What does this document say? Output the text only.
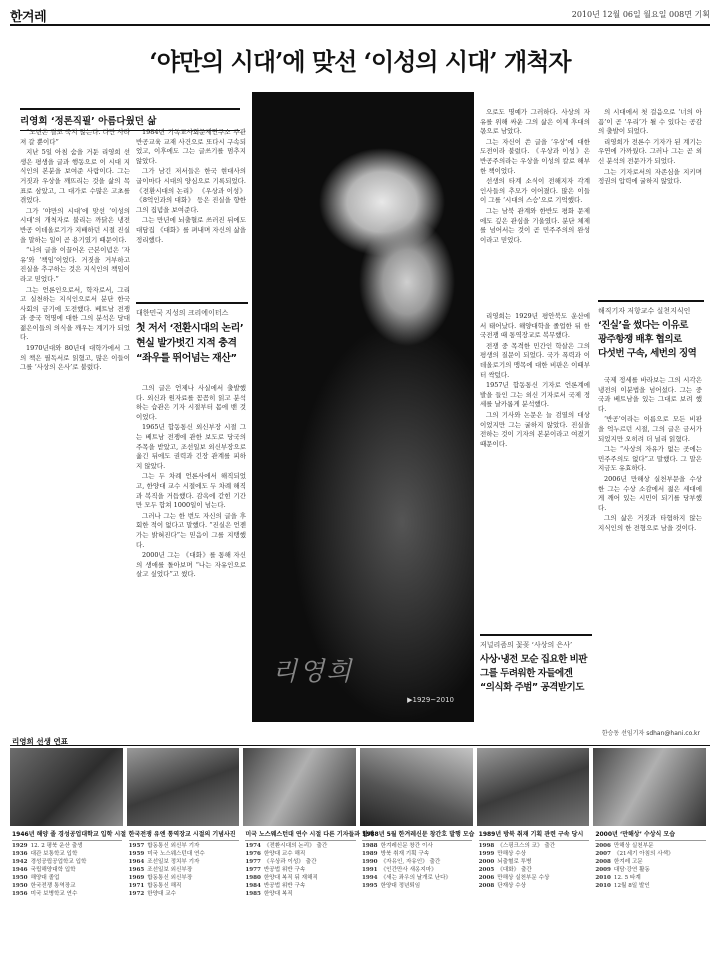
한겨레	2010년 12월 06일 월요일 008면 기획
‘야만의 시대’에 맞선 ‘이성의 시대’ 개척자
리영희 ‘정론직필’ 아름다웠던 삶

“노년은 결코 죽지 않는다. 다만 사라져 갈 뿐이다”

지난 5일 아침 숨을 거둔 리영희 선생은 평생을 글과 행동으로 이 시대 지식인의 본분을 보여준 사람이다. 그는 거짓과 우상을 깨뜨리는 것을 삶의 목표로 삼았고, 그 대가로 수많은 고초를 겪었다.

그가 ‘야만의 시대’에 맞선 ‘이성의 시대’의 개척자로 불리는 까닭은 냉전 반공 이데올로기가 지배하던 시절 진실을 말하는 일이 곧 용기였기 때문이다.

“나의 글을 이끌어온 근본이념은 ‘자유’와 ‘책임’이었다. 거짓을 거부하고 진실을 추구하는 것은 지식인의 책임이라고 믿었다.”

그는 언론인으로서, 학자로서, 그리고 실천하는 지식인으로서 분단 한국 사회의 금기에 도전했다. 베트남 전쟁과 중국 혁명에 대한 그의 분석은 당대 젊은이들의 의식을 깨우는 계기가 되었다.

1970년대와 80년대 대학가에서 그의 책은 필독서로 읽혔고, 많은 이들이 그를 ‘사상의 은사’로 불렀다.

1984년 기독교사회문제연구소 주관 반공교육 교재 사건으로 또다시 구속되었고, 이후에도 그는 글쓰기를 멈추지 않았다.

그가 남긴 저서들은 한국 현대사의 굽이마다 시대의 양심으로 기록되었다. 《전환시대의 논리》 《우상과 이성》 《8억인과의 대화》 등은 진실을 향한 그의 집념을 보여준다.

그는 만년에 뇌출혈로 쓰러진 뒤에도 대담집 《대화》를 펴내며 자신의 삶을 정리했다.

대한민국 지성의 크리에이터스
첫 저서 ‘전환시대의 논리’
현실 발가벗긴 지적 충격
“좌우를 뛰어넘는 재산”

그의 글은 언제나 사실에서 출발했다. 외신과 원자료를 꼼꼼히 읽고 분석하는 습관은 기자 시절부터 몸에 밴 것이었다.

1965년 합동통신 외신부장 시절 그는 베트남 전쟁에 관한 보도로 당국의 주목을 받았고, 조선일보 외신부장으로 옮긴 뒤에도 권력과 긴장 관계를 피하지 않았다.

그는 두 차례 언론사에서 해직되었고, 한양대 교수 시절에도 두 차례 해직과 복직을 거듭했다. 감옥에 갇힌 기간만 모두 합쳐 1000일이 넘는다.

그러나 그는 한 번도 자신의 글을 후회한 적이 없다고 말했다. “진실은 언젠가는 밝혀진다”는 믿음이 그를 지탱했다.

2000년 그는 《대화》를 통해 자신의 생애를 돌아보며 “나는 자유인으로 살고 싶었다”고 썼다.

리영희
▶1929~2010

으로도 명예가 그러하다. 사상의 자유를 위해 싸운 그의 삶은 이제 후대의 몫으로 남았다.

그는 자신이 쓴 글을 ‘우상’에 대한 도전이라 불렀다. 《우상과 이성》은 반공주의라는 우상을 이성의 칼로 해부한 책이었다.

선생의 타계 소식이 전해지자 각계 인사들의 추모가 이어졌다. 많은 이들이 그를 ‘시대의 스승’으로 기억했다.

그는 남북 관계와 한반도 평화 문제에도 깊은 관심을 기울였다. 분단 체제를 넘어서는 것이 곧 민주주의의 완성이라고 믿었다.

리영희는 1929년 평안북도 운산에서 태어났다. 해양대학을 졸업한 뒤 한국전쟁 때 통역장교로 복무했다.

전쟁 중 목격한 민간인 학살은 그의 평생의 질문이 되었다. 국가 폭력과 이데올로기의 맹목에 대한 비판은 이때부터 싹텄다.

1957년 합동통신 기자로 언론계에 발을 들인 그는 외신 기자로서 국제 정세를 날카롭게 분석했다.

그의 기사와 논문은 늘 검열의 대상이었지만 그는 굴하지 않았다. 진실을 전하는 것이 기자의 본분이라고 여겼기 때문이다.

저널리즘의 꽃꽂 ‘사상의 은사’
사상·냉전 모순 집요한 비판
그를 두려워한 자들에겐
“의식화 주범” 공격받기도

의 시대에서 첫 걸음으로 ‘너의 아픔’이 곧 ‘우리’가 될 수 있다는 공감의 출발이 되었다.

리영희가 전론수 기자가 된 계기는 우연에 가까웠다. 그러나 그는 곧 외신 분석의 전문가가 되었다.

그는 기자로서의 자존심을 지키며 정권의 압력에 굴하지 않았다.

해직기자 저항교수 실천지식인
‘진실’을 썼다는 이유로
광주항쟁 배후 협의로
다섯번 구속, 세번의 징역

국제 정세를 바라보는 그의 시각은 냉전의 이분법을 넘어섰다. 그는 중국과 베트남을 있는 그대로 보려 했다.

‘반공’이라는 이름으로 모든 비판을 억누르던 시절, 그의 글은 금서가 되었지만 오히려 더 널리 읽혔다.

그는 “사상의 자유가 없는 곳에는 민주주의도 없다”고 말했다. 그 말은 지금도 유효하다.

2006년 만해상 실천부문을 수상한 그는 수상 소감에서 젊은 세대에게 깨어 있는 시민이 되기를 당부했다.

그의 삶은 거짓과 타협하지 않는 지식인의 한 전형으로 남을 것이다.

한승동 선임기자 sdhan@hani.co.kr
리영희 선생 연표
1946년 해양 졸 경성공업대학교 입학 시절
1929 12. 2 평북 운산 출생
1936 대관 보통학교 입학
1942 경성공립공업학교 입학
1946 국립해양대학 입학
1950 해양대 졸업
1950 한국전쟁 통역장교
1956 미국 보병학교 연수
한국전쟁 유엔 통역장교 시절의 기념사진
1957 합동통신 외신부 기자
1959 미국 노스웨스턴대 연수
1964 조선일보 정치부 기자
1965 조선일보 외신부장
1969 합동통신 외신부장
1971 합동통신 해직
1972 한양대 교수
미국 노스웨스턴대 연수 시절 다른 기자들과 함께
1974 《전환시대의 논리》 출간
1976 한양대 교수 해직
1977 《우상과 이성》 출간
1977 반공법 위반 구속
1980 한양대 복직 뒤 재해직
1984 반공법 위반 구속
1985 한양대 복직
1988년 5월 한겨레신문 창간호 발행 모습
1988 한겨레신문 창간 이사
1989 방북 취재 기획 구속
1990 《자유인, 자유인》 출간
1991 《인간만사 새옹지마》
1994 《새는 좌우의 날개로 난다》
1995 한양대 정년퇴임
1989년 방북 취재 기획 관련 구속 당시
1998 《스핑크스의 코》 출간
1999 만해상 수상
2000 뇌출혈로 투병
2005 《대화》 출간
2006 만해상 실천부문 수상
2008 단재상 수상
2000년 ‘만해상’ 수상식 모습
2006 만해상 실천부문
2007 《21세기 아침의 사색》
2008 한겨레 고문
2009 대담·강연 활동
2010 12. 5 타계
2010 12월 8일 발인
